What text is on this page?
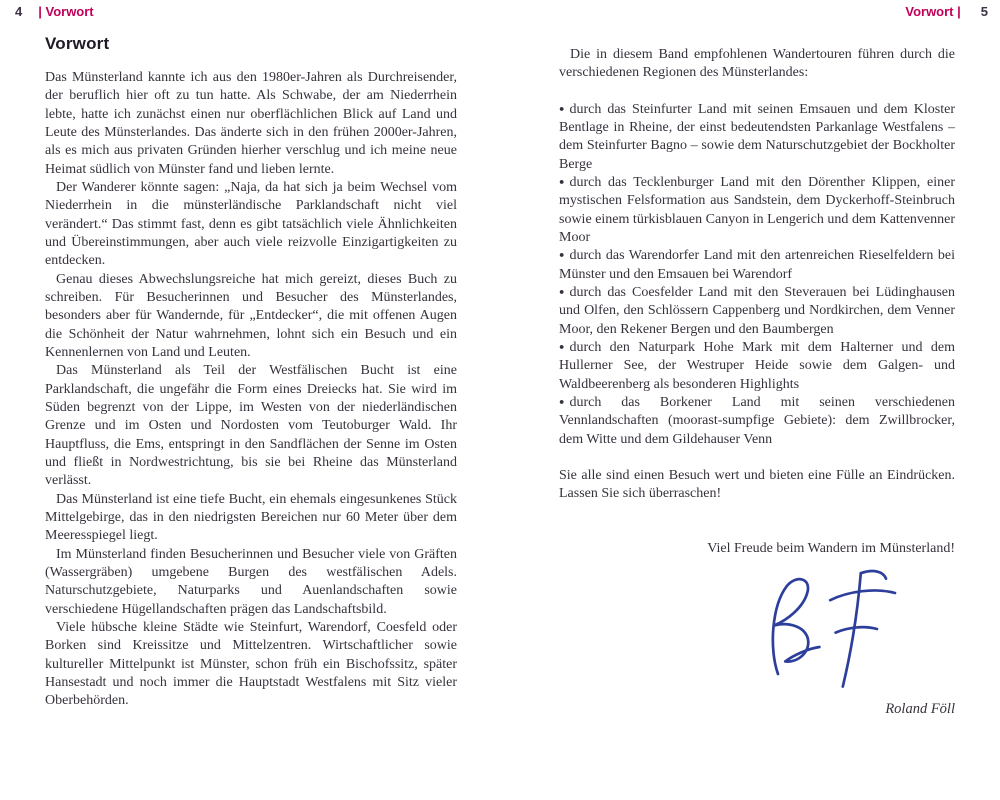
4 | Vorwort	Vorwort | 5
Vorwort

Das Münsterland kannte ich aus den 1980er-Jahren als Durchreisender, der beruflich hier oft zu tun hatte. Als Schwabe, der am Niederrhein lebte, hatte ich zunächst einen nur oberflächlichen Blick auf Land und Leute des Münsterlandes. Das änderte sich in den frühen 2000er-Jahren, als es mich aus privaten Gründen hierher verschlug und ich meine neue Heimat südlich von Münster fand und lieben lernte.

Der Wanderer könnte sagen: „Naja, da hat sich ja beim Wechsel vom Niederrhein in die münsterländische Parklandschaft nicht viel verändert.“ Das stimmt fast, denn es gibt tatsächlich viele Ähnlichkeiten und Übereinstimmungen, aber auch viele reizvolle Einzigartigkeiten zu entdecken.

Genau dieses Abwechslungsreiche hat mich gereizt, dieses Buch zu schreiben. Für Besucherinnen und Besucher des Münsterlandes, besonders aber für Wandernde, für „Entdecker“, die mit offenen Augen die Schönheit der Natur wahrnehmen, lohnt sich ein Besuch und ein Kennenlernen von Land und Leuten.

Das Münsterland als Teil der Westfälischen Bucht ist eine Parklandschaft, die ungefähr die Form eines Dreiecks hat. Sie wird im Süden begrenzt von der Lippe, im Westen von der niederländischen Grenze und im Osten und Nordosten vom Teutoburger Wald. Ihr Hauptfluss, die Ems, entspringt in den Sandflächen der Senne im Osten und fließt in Nordwestrichtung, bis sie bei Rheine das Münsterland verlässt.

Das Münsterland ist eine tiefe Bucht, ein ehemals eingesunkenes Stück Mittelgebirge, das in den niedrigsten Bereichen nur 60 Meter über dem Meeresspiegel liegt.

Im Münsterland finden Besucherinnen und Besucher viele von Gräften (Wassergräben) umgebene Burgen des westfälischen Adels. Naturschutzgebiete, Naturparks und Auenlandschaften sowie verschiedene Hügellandschaften prägen das Landschaftsbild.

Viele hübsche kleine Städte wie Steinfurt, Warendorf, Coesfeld oder Borken sind Kreissitze und Mittelzentren. Wirtschaftlicher sowie kultureller Mittelpunkt ist Münster, schon früh ein Bischofssitz, später Hansestadt und noch immer die Hauptstadt Westfalens mit Sitz vieler Oberbehörden.

Die in diesem Band empfohlenen Wandertouren führen durch die verschiedenen Regionen des Münsterlandes:

● durch das Steinfurter Land mit seinen Emsauen und dem Kloster Bentlage in Rheine, der einst bedeutendsten Parkanlage Westfalens – dem Steinfurter Bagno – sowie dem Naturschutzgebiet der Bockholter Berge

● durch das Tecklenburger Land mit den Dörenther Klippen, einer mystischen Felsformation aus Sandstein, dem Dyckerhoff-Steinbruch sowie einem türkisblauen Canyon in Lengerich und dem Kattenvenner Moor

● durch das Warendorfer Land mit den artenreichen Rieselfeldern bei Münster und den Emsauen bei Warendorf

● durch das Coesfelder Land mit den Steverauen bei Lüdinghausen und Olfen, den Schlössern Cappenberg und Nordkirchen, dem Venner Moor, den Rekener Bergen und den Baumbergen

● durch den Naturpark Hohe Mark mit dem Halterner und dem Hullerner See, der Westruper Heide sowie dem Galgen- und Waldbeerenberg als besonderen Highlights

● durch das Borkener Land mit seinen verschiedenen Vennlandschaften (moorast-sumpfige Gebiete): dem Zwillbrocker, dem Witte und dem Gildehauser Venn

Sie alle sind einen Besuch wert und bieten eine Fülle an Eindrücken. Lassen Sie sich überraschen!

Viel Freude beim Wandern im Münsterland!

Roland Föll
